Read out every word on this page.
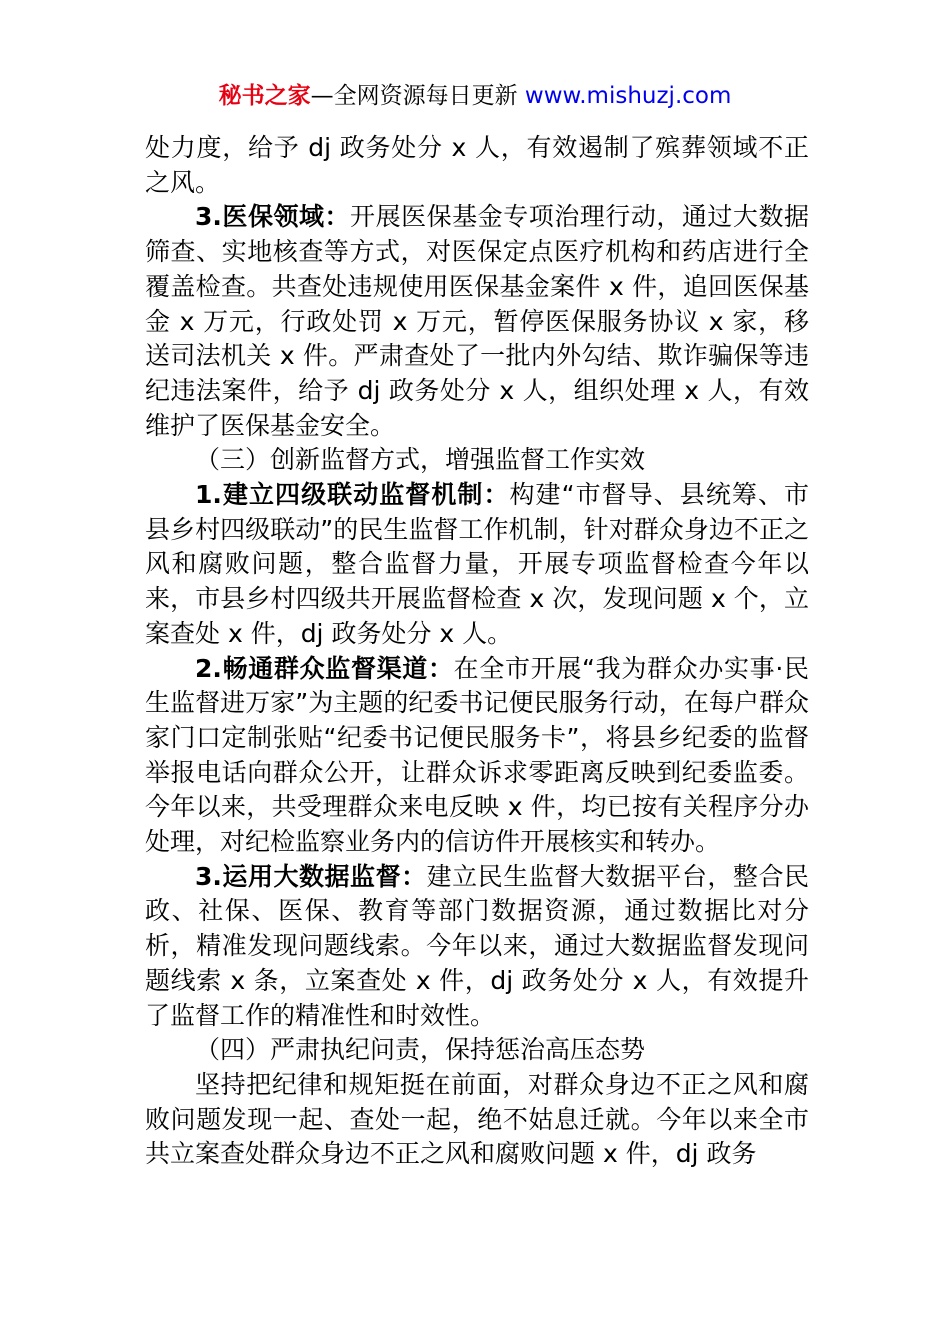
秘书之家—全网资源每日更新 www.mishuzj.com

处力度，给予 dj 政务处分 x 人，有效遏制了殡葬领域不正之风。

3.医保领域：开展医保基金专项治理行动，通过大数据筛查、实地核查等方式，对医保定点医疗机构和药店进行全覆盖检查。共查处违规使用医保基金案件 x 件，追回医保基金 x 万元，行政处罚 x 万元，暂停医保服务协议 x 家，移送司法机关 x 件。严肃查处了一批内外勾结、欺诈骗保等违纪违法案件，给予 dj 政务处分 x 人，组织处理 x 人，有效维护了医保基金安全。

（三）创新监督方式，增强监督工作实效

1.建立四级联动监督机制：构建“市督导、县统筹、市县乡村四级联动”的民生监督工作机制，针对群众身边不正之风和腐败问题，整合监督力量，开展专项监督检查今年以来，市县乡村四级共开展监督检查 x 次，发现问题 x 个，立案查处 x 件，dj 政务处分 x 人。

2.畅通群众监督渠道：在全市开展“我为群众办实事·民生监督进万家”为主题的纪委书记便民服务行动，在每户群众家门口定制张贴“纪委书记便民服务卡”，将县乡纪委的监督举报电话向群众公开，让群众诉求零距离反映到纪委监委。今年以来，共受理群众来电反映 x 件，均已按有关程序分办处理，对纪检监察业务内的信访件开展核实和转办。

3.运用大数据监督：建立民生监督大数据平台，整合民政、社保、医保、教育等部门数据资源，通过数据比对分析，精准发现问题线索。今年以来，通过大数据监督发现问题线索 x 条，立案查处 x 件，dj 政务处分 x 人，有效提升了监督工作的精准性和时效性。

（四）严肃执纪问责，保持惩治高压态势

坚持把纪律和规矩挺在前面，对群众身边不正之风和腐败问题发现一起、查处一起，绝不姑息迁就。今年以来全市共立案查处群众身边不正之风和腐败问题 x 件，dj 政务
